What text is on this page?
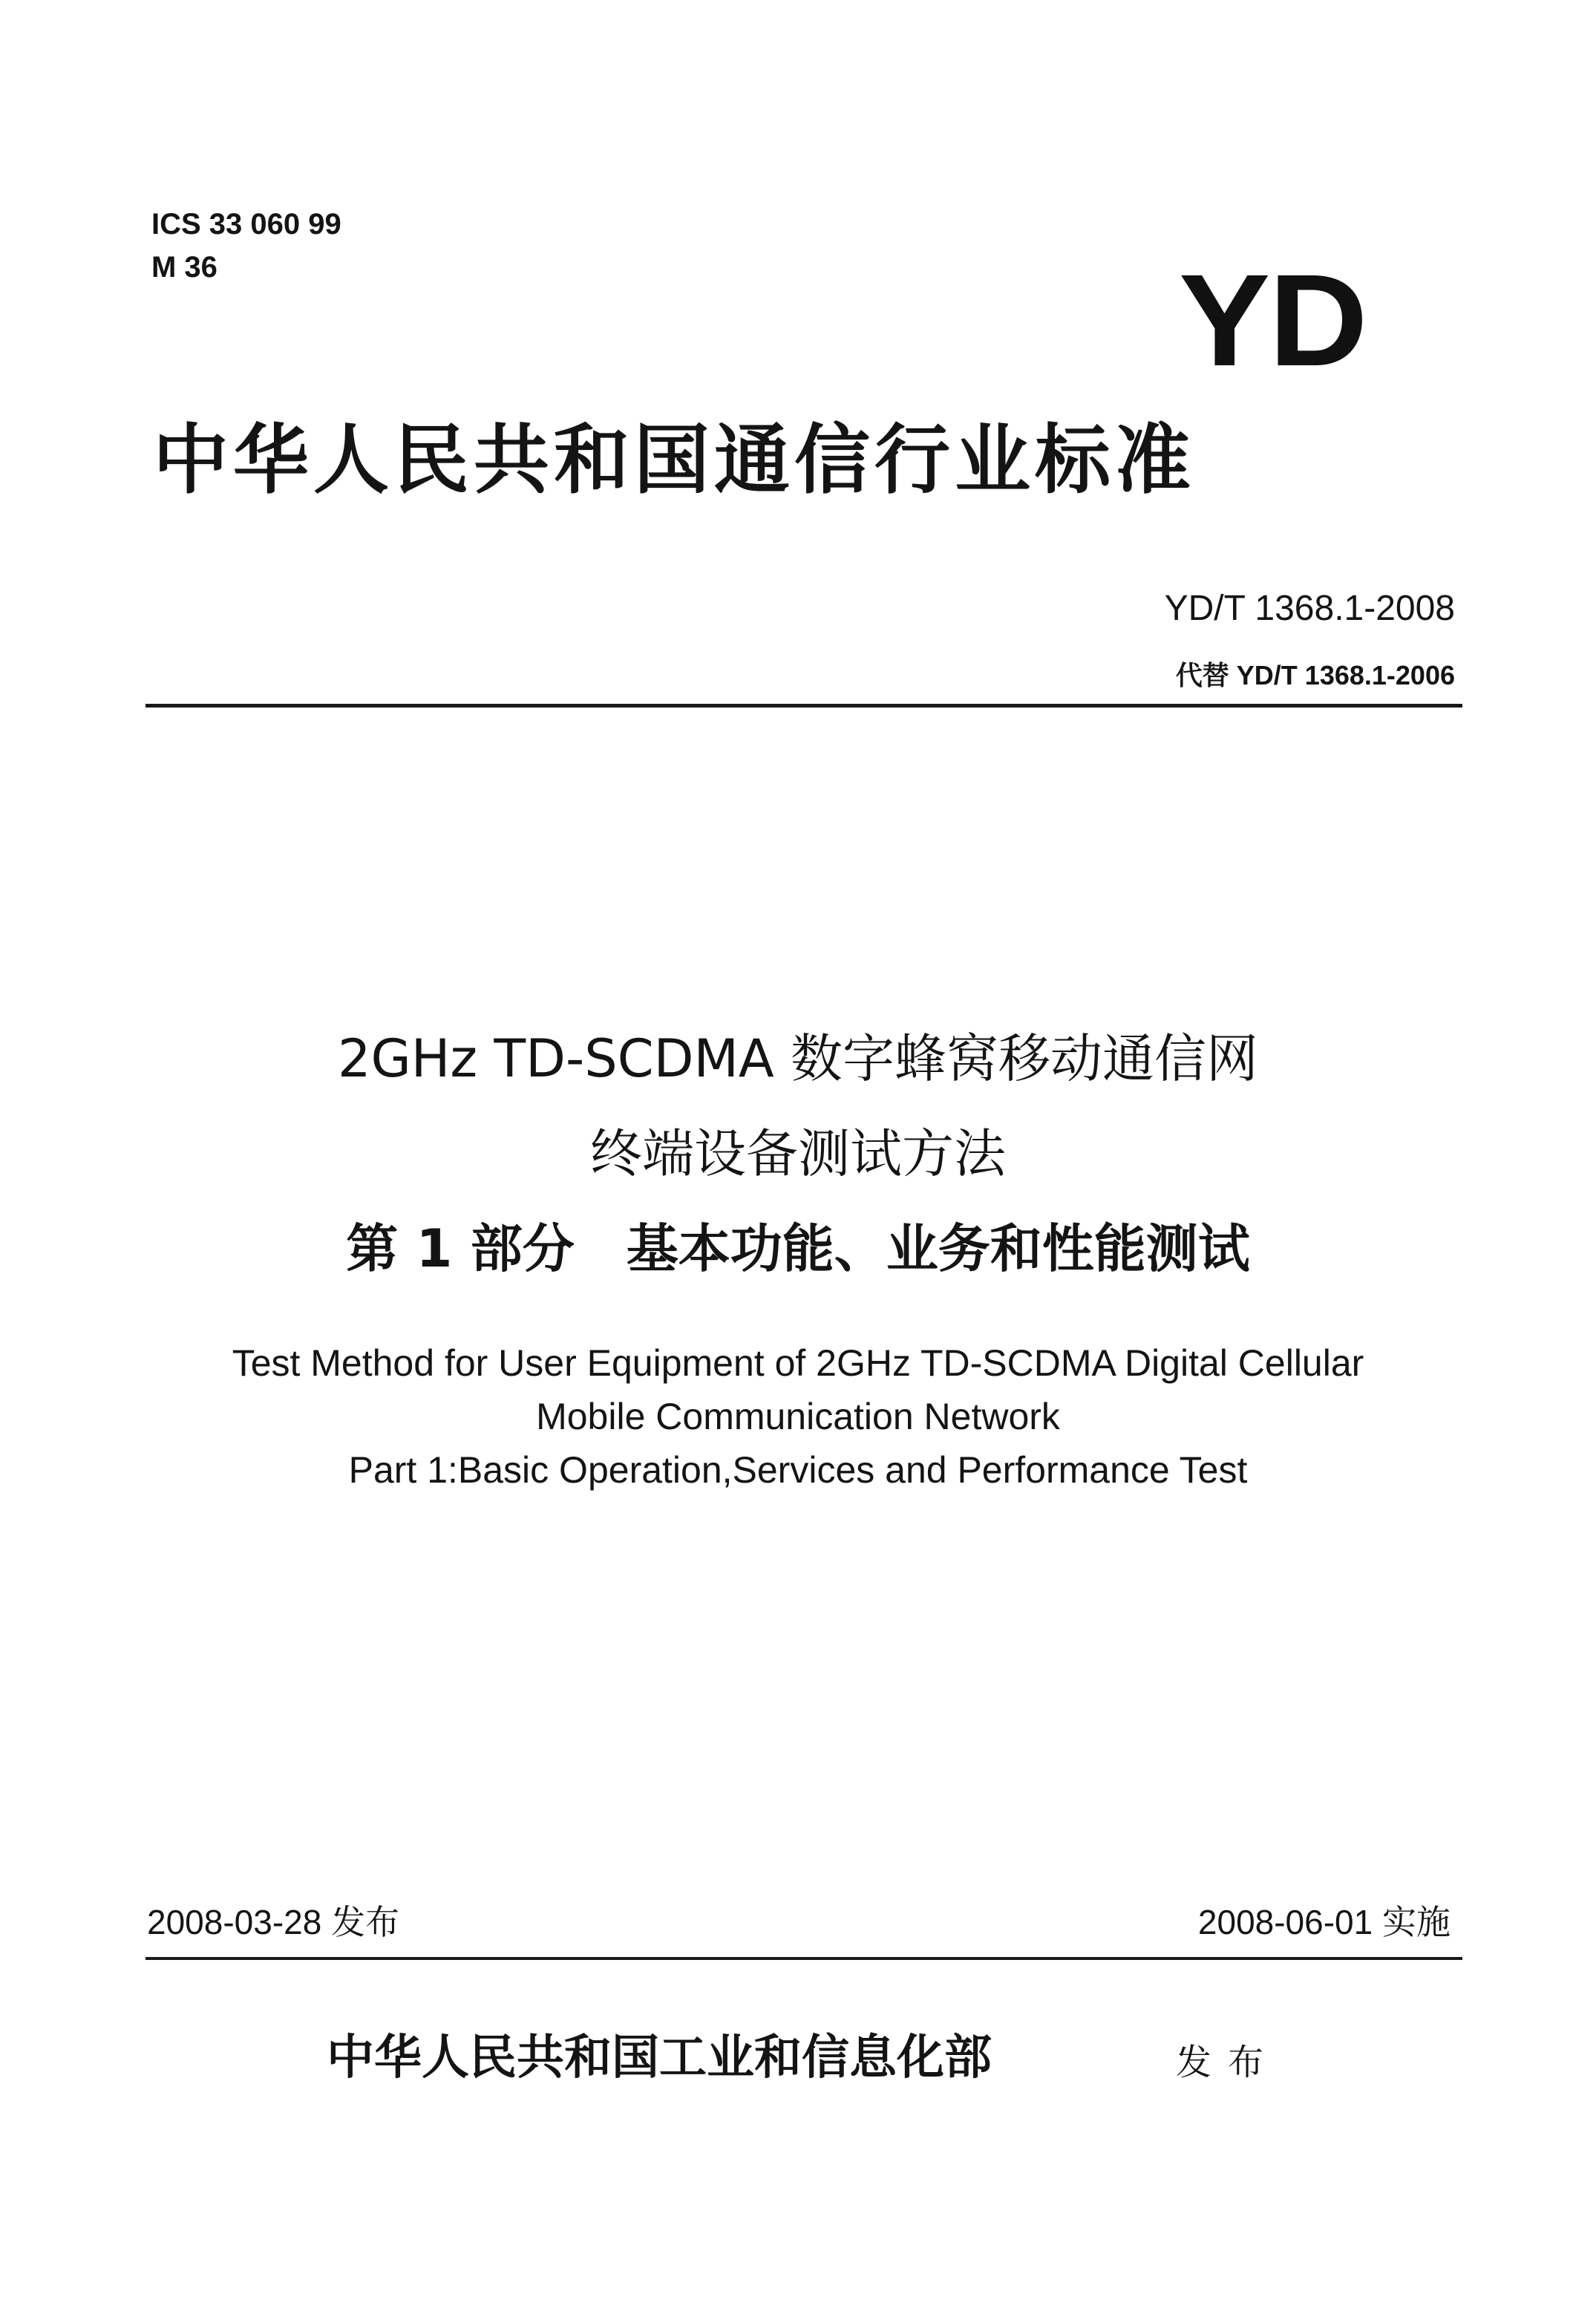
ICS 33 060 99
M 36	YD
中华人民共和国通信行业标准
YD/T 1368.1-2008
代替 YD/T 1368.1-2006
2GHz TD-SCDMA 数字蜂窝移动通信网
终端设备测试方法
第 1 部分 基本功能、业务和性能测试
Test Method for User Equipment of 2GHz TD-SCDMA Digital Cellular
Mobile Communication Network
Part 1:Basic Operation,Services and Performance Test
2008-03-28 发布	2008-06-01 实施
中华人民共和国工业和信息化部	发布
